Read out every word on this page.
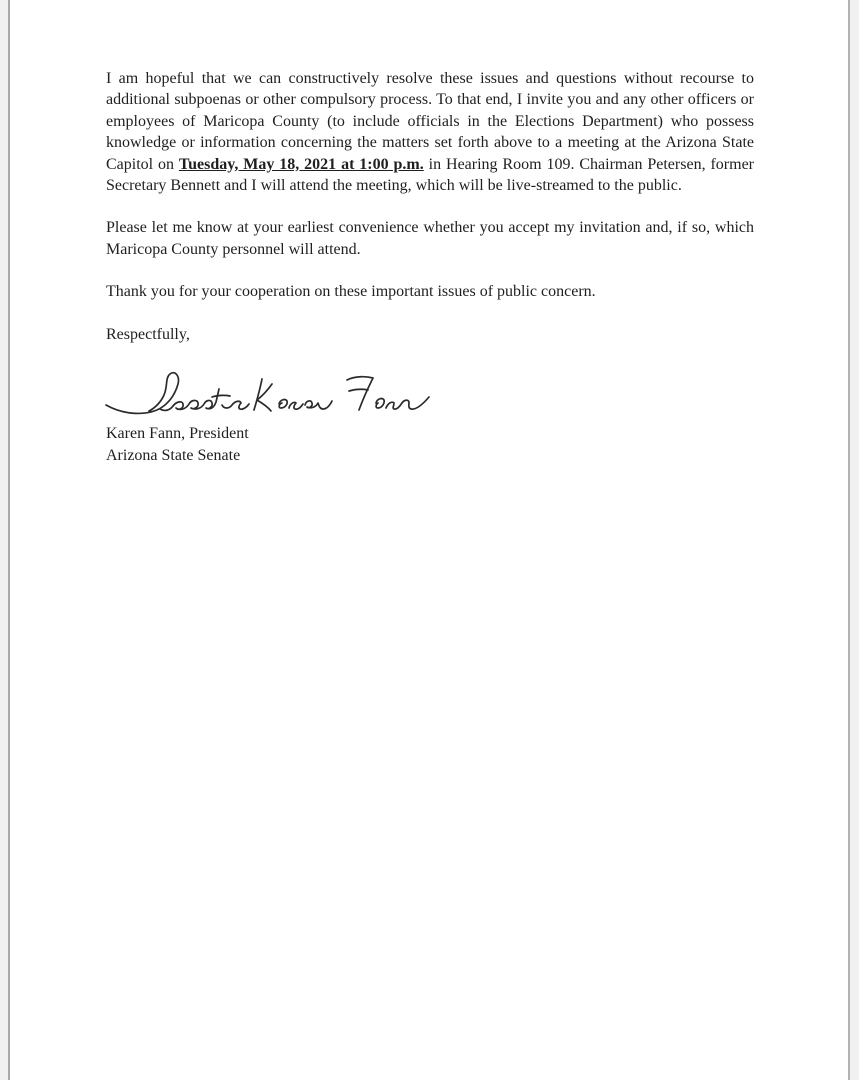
I am hopeful that we can constructively resolve these issues and questions without recourse to additional subpoenas or other compulsory process. To that end, I invite you and any other officers or employees of Maricopa County (to include officials in the Elections Department) who possess knowledge or information concerning the matters set forth above to a meeting at the Arizona State Capitol on Tuesday, May 18, 2021 at 1:00 p.m. in Hearing Room 109. Chairman Petersen, former Secretary Bennett and I will attend the meeting, which will be live-streamed to the public.

Please let me know at your earliest convenience whether you accept my invitation and, if so, which Maricopa County personnel will attend.

Thank you for your cooperation on these important issues of public concern.

Respectfully,

Karen Fann, President
Arizona State Senate
